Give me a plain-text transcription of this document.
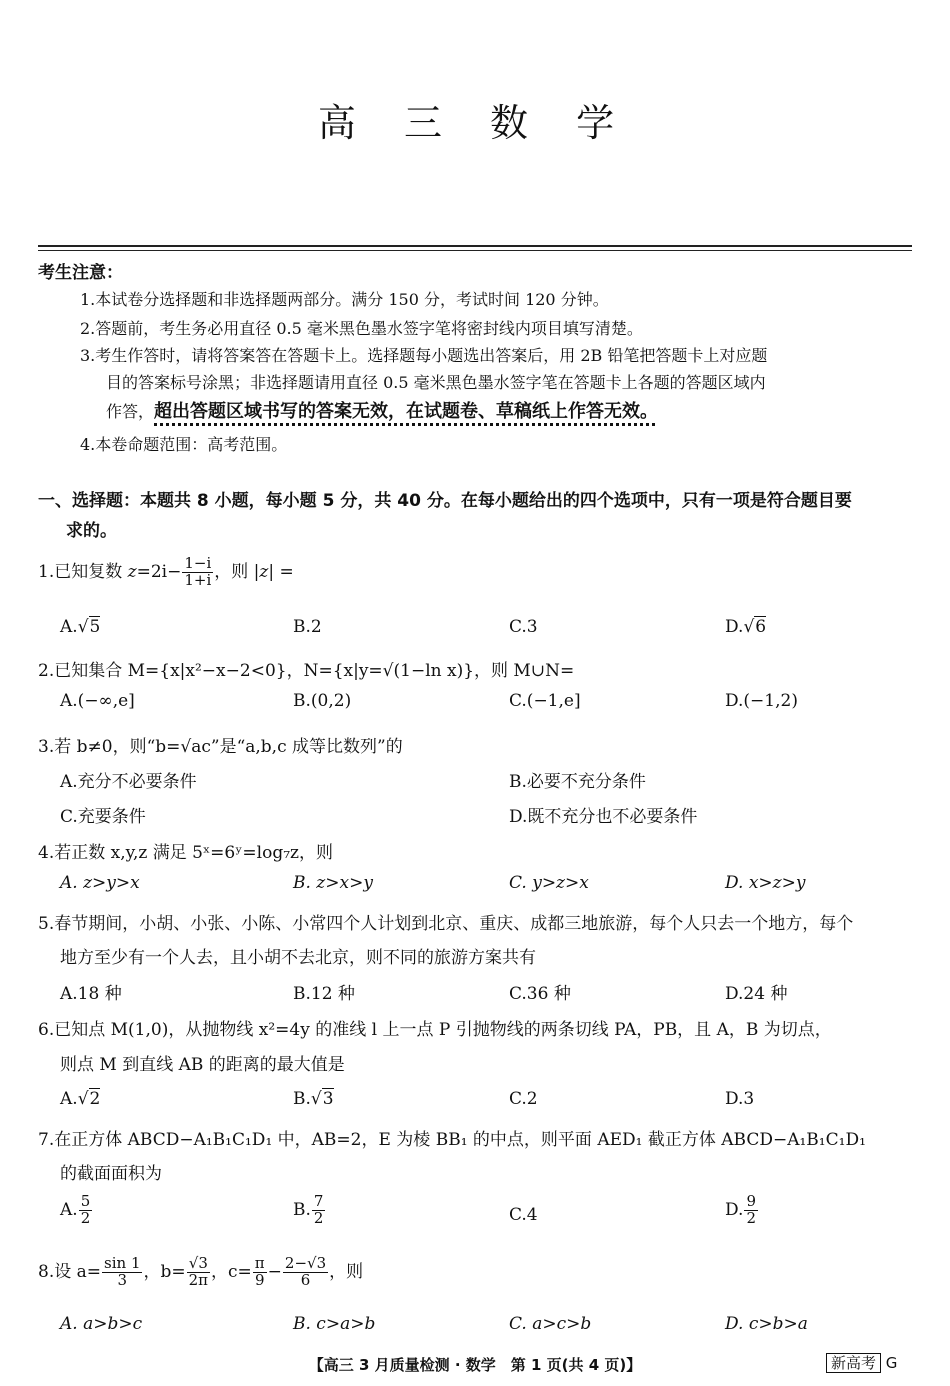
高 三 数 学
考生注意：
1.本试卷分选择题和非选择题两部分。满分 150 分，考试时间 120 分钟。
2.答题前，考生务必用直径 0.5 毫米黑色墨水签字笔将密封线内项目填写清楚。
3.考生作答时，请将答案答在答题卡上。选择题每小题选出答案后，用 2B 铅笔把答题卡上对应题
目的答案标号涂黑；非选择题请用直径 0.5 毫米黑色墨水签字笔在答题卡上各题的答题区域内
作答，超出答题区域书写的答案无效，在试题卷、草稿纸上作答无效。
4.本卷命题范围：高考范围。
一、选择题：本题共 8 小题，每小题 5 分，共 40 分。在每小题给出的四个选项中，只有一项是符合题目要
求的。
1.已知复数 $z=2i- \frac{1-i}{1+i}$ ，则 |z| =
A.√5	B.2	C.3	D.√6
2.已知集合 M={x|x²−x−2<0}，N={x|y=√(1−ln x)}，则 M∪N=
A.(−∞,e]	B.(0,2)	C.(−1,e]	D.(−1,2)
3.若 b≠0，则“b=√ac”是“a,b,c 成等比数列”的
A.充分不必要条件	B.必要不充分条件
C.充要条件	D.既不充分也不必要条件
4.若正数 x,y,z 满足 5ˣ=6ʸ=log₇z，则
A. z>y>x	B. z>x>y	C. y>z>x	D. x>z>y
5.春节期间，小胡、小张、小陈、小常四个人计划到北京、重庆、成都三地旅游，每个人只去一个地方，每个
地方至少有一个人去，且小胡不去北京，则不同的旅游方案共有
A.18 种	B.12 种	C.36 种	D.24 种
6.已知点 M(1,0)，从抛物线 x²=4y 的准线 l 上一点 P 引抛物线的两条切线 PA，PB，且 A，B 为切点，
则点 M 到直线 AB 的距离的最大值是
A.√2	B.√3	C.2	D.3
7.在正方体 ABCD−A₁B₁C₁D₁ 中，AB=2，E 为棱 BB₁ 的中点，则平面 AED₁ 截正方体 ABCD−A₁B₁C₁D₁
的截面面积为
A. $\frac{5}{2}$	B. $\frac{7}{2}$	C.4	D. $\frac{9}{2}$
8.设 $a= \frac{\sin 1}{3}$ ，$b= \frac{√3}{2\pi}$ ，$c= \frac{\pi}{9} - \frac{2-√3}{6}$ ，则
A. a>b>c	B. c>a>b	C. a>c>b	D. c>b>a
【高三 3 月质量检测 · 数学　第 1 页(共 4 页)】	新高考 G
